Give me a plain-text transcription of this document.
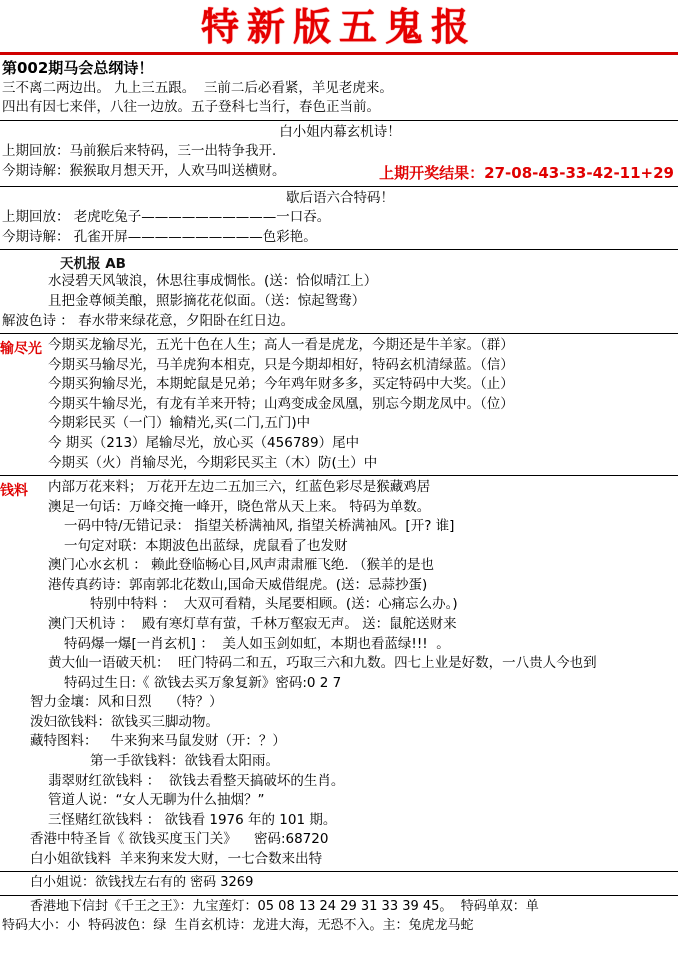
特新版五鬼报
第002期马会总纲诗！
三不离二两边出。 九上三五跟。  三前二后必看紧，羊见老虎来。
四出有因七来伴，八往一边放。五子登科七当行，春色正当前。
白小姐内幕玄机诗！
上期回放：马前猴后来特码，三一出特争我开．
今期诗解：猴猴取月想天开，人欢马叫送横财。	上期开奖结果：27-08-43-33-42-11+29
歇后语六合特码！
上期回放： 老虎吃兔子——————————一口吞。
今期诗解： 孔雀开屏——————————色彩艳。
天机报 AB
水浸碧天风皱浪，休思往事成惆怅。(送：恰似晴江上）
且把金尊倾美酿，照影摘花花似面。（送：惊起鸳鸯）
解波色诗 ： 春水带来绿花意，夕阳卧在红日边。
输尽光 今期买龙输尽光，五光十色在人生；高人一看是虎龙，今期还是牛羊家。（群）
今期买马输尽光，马羊虎狗本相克，只是今期却相好，特码玄机清绿蓝。（信）
今期买狗输尽光，本期蛇鼠是兄弟；今年鸡年财多多，买定特码中大奖。（止）
今期买牛输尽光，有龙有羊来开特；山鸡变成金凤凰，别忘今期龙凤中。（位）
今期彩民买（一门）输精光,买(二门,五门)中
今 期买（213）尾输尽光，放心买（456789）尾中
今期买（火）肖输尽光，今期彩民买主（木）防(土）中
钱料	内部万花来料； 万花开左边二五加三六，红蓝色彩尽是猴藏鸡居
澳足一句话：万峰交掩一峰开，晓色常从天上来。 特码为单数。
一码中特/无错记录： 指望关桥满袖风, 指望关桥满袖风。[开? 谁]
一句定对联：本期波色出蓝绿，虎鼠看了也发财
澳门心水玄机 ： 赖此登临畅心目,风声肃肃雁飞绝. （猴羊的是也
港传真药诗：郭南郭北花数山,国命天威借绲虎。(送：忌蒜抄蛋)
特别中特料 ：  大双可看精，头尾要相顾。(送：心痛忘么办。)
澳门天机诗 ：  殿有寒灯草有萤，千林万壑寂无声。 送：鼠舵送财来
特码爆一爆[一肖玄机] ：  美人如玉剑如虹，本期也看蓝绿!!!  。
黄大仙一语破天机：  旺门特码二和五，巧取三六和九数。四七上业是好数，一八贵人今也到
特码过生日:《 欲钱去买万象复新》密码:0 2 7
智力金壤：风和日烈    （特？）
泼妇欲钱料：欲钱买三脚动物。
藏特图料：   牛来狗来马鼠发财（开：？）
第一手欲钱料：欲钱看太阳雨。
翡翠财红欲钱料 ：  欲钱去看整天搞破坏的生肖。
管道人说：“女人无聊为什么抽烟？”
三怪赌红欲钱料 ： 欲钱看 1976 年的 101 期。
香港中特圣旨《 欲钱买度玉门关》    密码:68720
白小姐欲钱料  羊来狗来发大财，一七合数来出特
白小姐说：欲钱找左右有的 密码 3269
香港地下信封《千王之王》：九宝莲灯：05 08 13 24 29 31 33 39 45。  特码单双：单
特码大小：小  特码波色：绿  生肖玄机诗：龙进大海，无恐不入。主：兔虎龙马蛇
